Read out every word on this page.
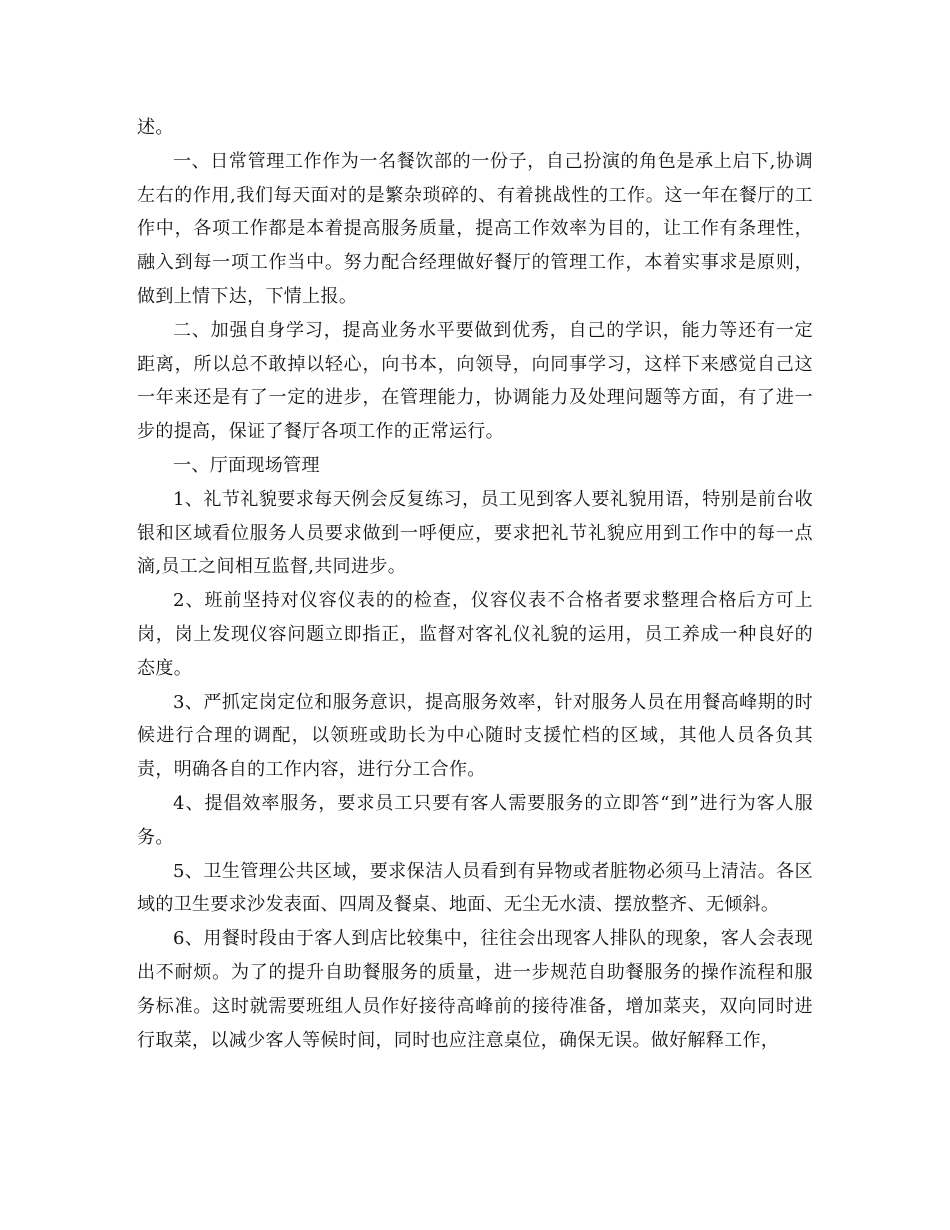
述。

一、日常管理工作作为一名餐饮部的一份子，自己扮演的角色是承上启下,协调左右的作用,我们每天面对的是繁杂琐碎的、有着挑战性的工作。这一年在餐厅的工作中，各项工作都是本着提高服务质量，提高工作效率为目的，让工作有条理性，融入到每一项工作当中。努力配合经理做好餐厅的管理工作，本着实事求是原则，做到上情下达，下情上报。

二、加强自身学习，提高业务水平要做到优秀，自己的学识，能力等还有一定距离，所以总不敢掉以轻心，向书本，向领导，向同事学习，这样下来感觉自己这一年来还是有了一定的进步，在管理能力，协调能力及处理问题等方面，有了进一步的提高，保证了餐厅各项工作的正常运行。

一、厅面现场管理

1、礼节礼貌要求每天例会反复练习，员工见到客人要礼貌用语，特别是前台收银和区域看位服务人员要求做到一呼便应，要求把礼节礼貌应用到工作中的每一点滴,员工之间相互监督,共同进步。

2、班前坚持对仪容仪表的的检查，仪容仪表不合格者要求整理合格后方可上岗，岗上发现仪容问题立即指正，监督对客礼仪礼貌的运用，员工养成一种良好的态度。

3、严抓定岗定位和服务意识，提高服务效率，针对服务人员在用餐高峰期的时候进行合理的调配，以领班或助长为中心随时支援忙档的区域，其他人员各负其责，明确各自的工作内容，进行分工合作。

4、提倡效率服务，要求员工只要有客人需要服务的立即答“到”进行为客人服务。

5、卫生管理公共区域，要求保洁人员看到有异物或者脏物必须马上清洁。各区域的卫生要求沙发表面、四周及餐桌、地面、无尘无水渍、摆放整齐、无倾斜。

6、用餐时段由于客人到店比较集中，往往会出现客人排队的现象，客人会表现出不耐烦。为了的提升自助餐服务的质量，进一步规范自助餐服务的操作流程和服务标准。这时就需要班组人员作好接待高峰前的接待准备，增加菜夹，双向同时进行取菜，以减少客人等候时间，同时也应注意桌位，确保无误。做好解释工作，
